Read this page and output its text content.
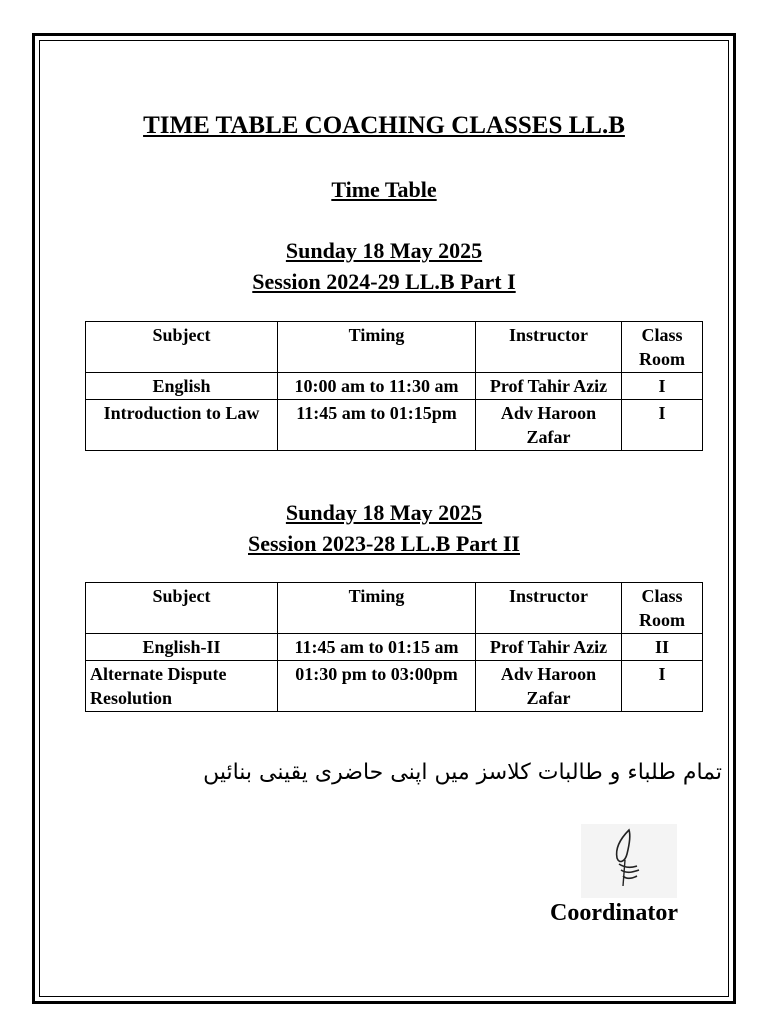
TIME TABLE COACHING CLASSES LL.B
Time Table
Sunday 18 May 2025
Session 2024-29 LL.B Part I
Subject	Timing	Instructor	Class Room
English	10:00 am to 11:30 am	Prof Tahir Aziz	I
Introduction to Law	11:45 am to 01:15pm	Adv Haroon Zafar	I
Sunday 18 May 2025
Session 2023-28 LL.B Part II
Subject	Timing	Instructor	Class Room
English-II	11:45 am to 01:15 am	Prof Tahir Aziz	II
Alternate Dispute Resolution	01:30 pm to 03:00pm	Adv Haroon Zafar	I

تمام طلباء و طالبات کلاسز میں اپنی حاضری یقینی بنائیں

Coordinator
